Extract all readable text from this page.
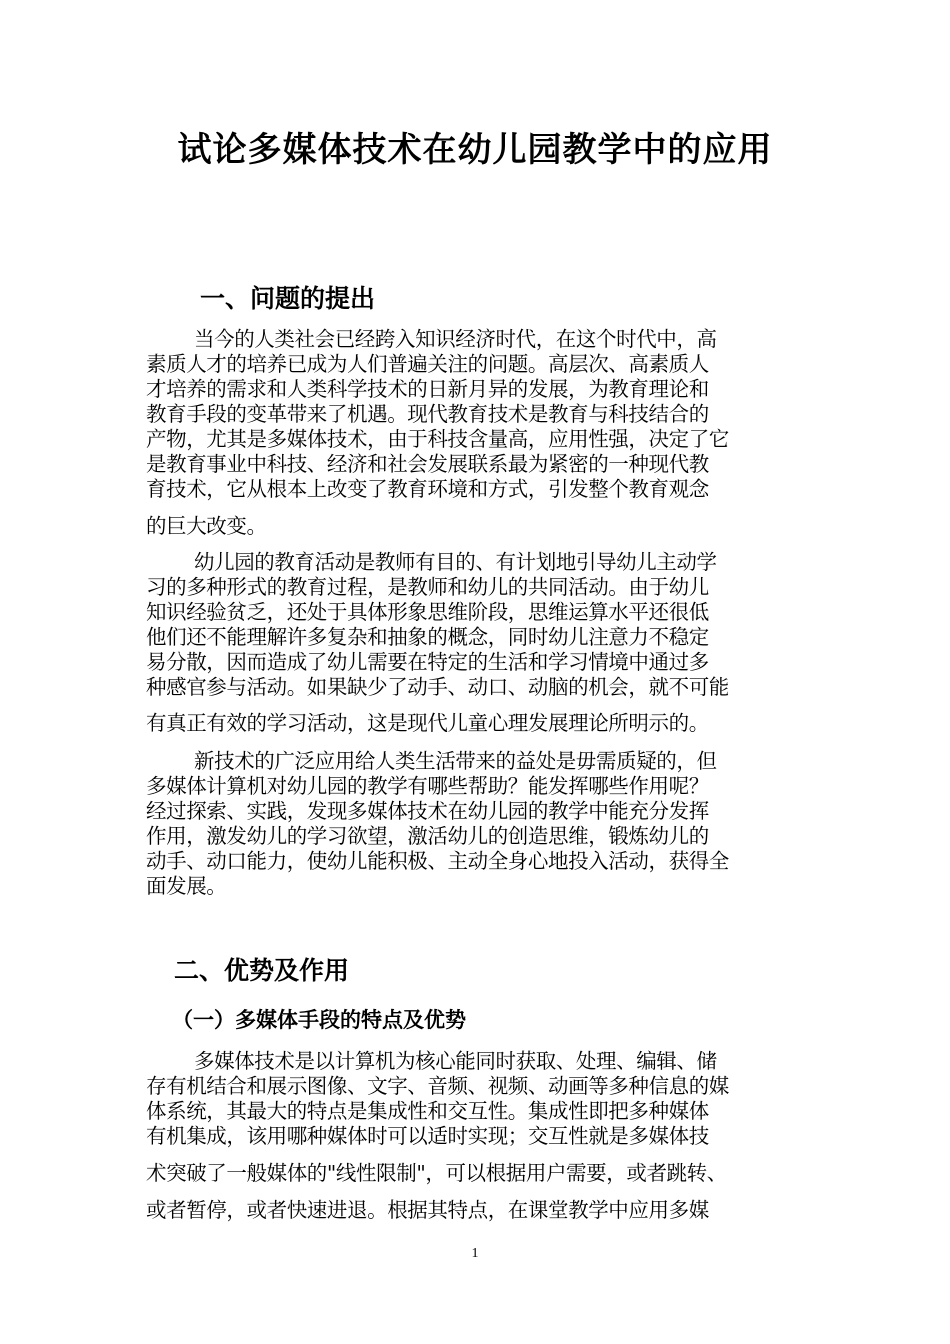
试论多媒体技术在幼儿园教学中的应用
一、问题的提出

当今的人类社会已经跨入知识经济时代，在这个时代中，高
素质人才的培养已成为人们普遍关注的问题。高层次、高素质人
才培养的需求和人类科学技术的日新月异的发展，为教育理论和
教育手段的变革带来了机遇。现代教育技术是教育与科技结合的
产物，尤其是多媒体技术，由于科技含量高，应用性强，决定了它
是教育事业中科技、经济和社会发展联系最为紧密的一种现代教
育技术，它从根本上改变了教育环境和方式，引发整个教育观念
的巨大改变。

幼儿园的教育活动是教师有目的、有计划地引导幼儿主动学
习的多种形式的教育过程，是教师和幼儿的共同活动。由于幼儿
知识经验贫乏，还处于具体形象思维阶段，思维运算水平还很低
他们还不能理解许多复杂和抽象的概念，同时幼儿注意力不稳定
易分散，因而造成了幼儿需要在特定的生活和学习情境中通过多
种感官参与活动。如果缺少了动手、动口、动脑的机会，就不可能
有真正有效的学习活动，这是现代儿童心理发展理论所明示的。

新技术的广泛应用给人类生活带来的益处是毋需质疑的，但
多媒体计算机对幼儿园的教学有哪些帮助？能发挥哪些作用呢？
经过探索、实践，发现多媒体技术在幼儿园的教学中能充分发挥
作用，激发幼儿的学习欲望，激活幼儿的创造思维，锻炼幼儿的
动手、动口能力，使幼儿能积极、主动全身心地投入活动，获得全
面发展。

二、优势及作用
（一）多媒体手段的特点及优势

多媒体技术是以计算机为核心能同时获取、处理、编辑、储
存有机结合和展示图像、文字、音频、视频、动画等多种信息的媒
体系统，其最大的特点是集成性和交互性。集成性即把多种媒体
有机集成，该用哪种媒体时可以适时实现；交互性就是多媒体技
术突破了一般媒体的"线性限制"，可以根据用户需要，或者跳转、
或者暂停，或者快速进退。根据其特点，在课堂教学中应用多媒

1
